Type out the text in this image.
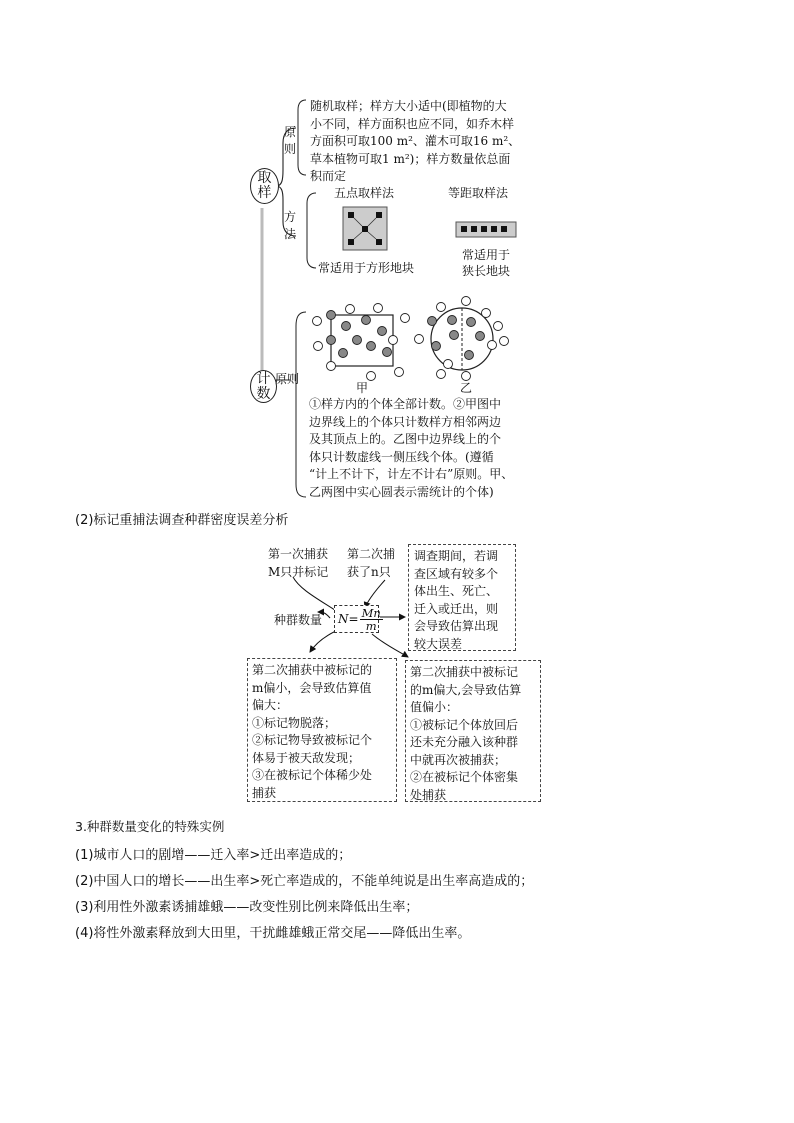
取样
原则
随机取样；样方大小适中(即植物的大
小不同，样方面积也应不同，如乔木样
方面积可取100 m²、灌木可取16 m²、
草本植物可取1 m²)；样方数量依总面
积而定
方法
五点取样法
常适用于方形地块
等距取样法
常适用于
狭长地块
计数
原则
甲	乙
①样方内的个体全部计数。②甲图中
边界线上的个体只计数样方相邻两边
及其顶点上的。乙图中边界线上的个
体只计数虚线一侧压线个体。(遵循
“计上不计下，计左不计右”原则。甲、
乙两图中实心圆表示需统计的个体)
(2)标记重捕法调查种群密度误差分析
第一次捕获
M只并标记
第二次捕
获了n只
种群数量 $N = \frac{Mn}{m}$
调查期间，若调
查区域有较多个
体出生、死亡、
迁入或迁出，则
会导致估算出现
较大误差
第二次捕获中被标记的
m偏小，会导致估算值
偏大：
①标记物脱落；
②标记物导致被标记个
体易于被天敌发现；
③在被标记个体稀少处
捕获
第二次捕获中被标记
的m偏大,会导致估算
值偏小：
①被标记个体放回后
还未充分融入该种群
中就再次被捕获；
②在被标记个体密集
处捕获
3.种群数量变化的特殊实例
(1)城市人口的剧增——迁入率>迁出率造成的；
(2)中国人口的增长——出生率>死亡率造成的，不能单纯说是出生率高造成的；
(3)利用性外激素诱捕雄蛾——改变性别比例来降低出生率；
(4)将性外激素释放到大田里，干扰雌雄蛾正常交尾——降低出生率。
